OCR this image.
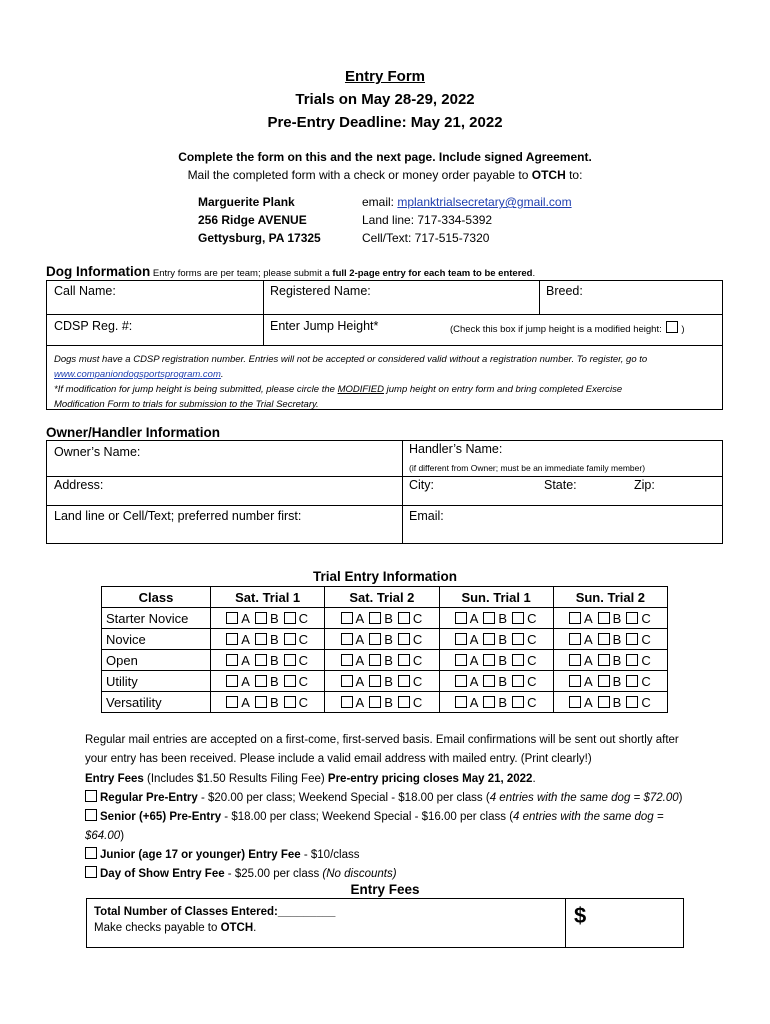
Entry Form
Trials on May 28-29, 2022
Pre-Entry Deadline: May 21, 2022
Complete the form on this and the next page. Include signed Agreement.
Mail the completed form with a check or money order payable to OTCH to:
Marguerite Plank
256 Ridge AVENUE
Gettysburg, PA 17325
email: mplanktrialsecretary@gmail.com
Land line: 717-334-5392
Cell/Text: 717-515-7320
Dog Information Entry forms are per team; please submit a full 2-page entry for each team to be entered.
Call Name:	Registered Name:	Breed:
CDSP Reg. #:	Enter Jump Height*	(Check this box if jump height is a modified height: )
Dogs must have a CDSP registration number. Entries will not be accepted or considered valid without a registration number. To register, go to
www.companiondogsportsprogram.com.
*If modification for jump height is being submitted, please circle the MODIFIED jump height on entry form and bring completed Exercise
Modification Form to trials for submission to the Trial Secretary.
Owner/Handler Information
Owner’s Name:	Handler’s Name:
(if different from Owner; must be an immediate family member)
Address:	City:	State:	Zip:
Land line or Cell/Text; preferred number first:	Email:
Trial Entry Information
Class	Sat. Trial 1	Sat. Trial 2	Sun. Trial 1	Sun. Trial 2
Starter Novice	A B C	A B C	A B C	A B C
Novice	A B C	A B C	A B C	A B C
Open	A B C	A B C	A B C	A B C
Utility	A B C	A B C	A B C	A B C
Versatility	A B C	A B C	A B C	A B C
Regular mail entries are accepted on a first-come, first-served basis. Email confirmations will be sent out shortly after
your entry has been received. Please include a valid email address with mailed entry. (Print clearly!)
Entry Fees (Includes $1.50 Results Filing Fee) Pre-entry pricing closes May 21, 2022.
Regular Pre-Entry - $20.00 per class; Weekend Special - $18.00 per class (4 entries with the same dog = $72.00)
Senior (+65) Pre-Entry - $18.00 per class; Weekend Special - $16.00 per class (4 entries with the same dog = $64.00)
Junior (age 17 or younger) Entry Fee - $10/class
Day of Show Entry Fee - $25.00 per class (No discounts)
Entry Fees
Total Number of Classes Entered:_________
Make checks payable to OTCH.	$
